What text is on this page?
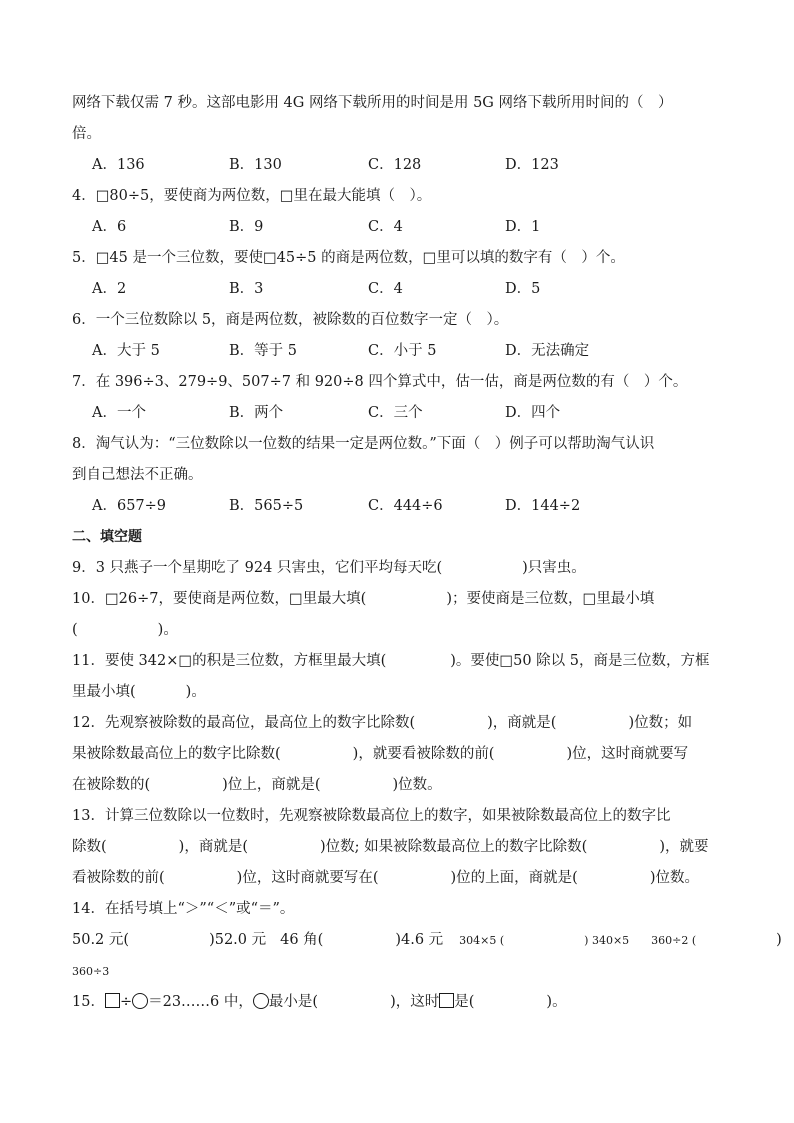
网络下载仅需 7 秒。这部电影用 4G 网络下载所用的时间是用 5G 网络下载所用时间的（　）
倍。
A．136	B．130	C．128	D．123
4．□80÷5，要使商为两位数，□里在最大能填（　）。
A．6	B．9	C．4	D．1
5．□45 是一个三位数，要使□45÷5 的商是两位数，□里可以填的数字有（　）个。
A．2	B．3	C．4	D．5
6．一个三位数除以 5，商是两位数，被除数的百位数字一定（　）。
A．大于 5	B．等于 5	C．小于 5	D．无法确定
7．在 396÷3、279÷9、507÷7 和 920÷8 四个算式中，估一估，商是两位数的有（　）个。
A．一个	B．两个	C．三个	D．四个
8．淘气认为：“三位数除以一位数的结果一定是两位数。”下面（　）例子可以帮助淘气认识
到自己想法不正确。
A．657÷9	B．565÷5	C．444÷6	D．144÷2
二、填空题
9．3 只燕子一个星期吃了 924 只害虫，它们平均每天吃(	)只害虫。
10．□26÷7，要使商是两位数，□里最大填(	)；要使商是三位数，□里最小填
(	)。
11．要使 342×□的积是三位数，方框里最大填(	)。要使□50 除以 5，商是三位数，方框
里最小填(	)。
12．先观察被除数的最高位，最高位上的数字比除数(	)，商就是(	)位数；如
果被除数最高位上的数字比除数(	)，就要看被除数的前(	)位，这时商就要写
在被除数的(	)位上，商就是(	)位数。
13．计算三位数除以一位数时，先观察被除数最高位上的数字，如果被除数最高位上的数字比
除数(	)，商就是(	)位数; 如果被除数最高位上的数字比除数(	)，就要
看被除数的前(	)位，这时商就要写在(	)位的上面，商就是(	)位数。
14．在括号填上“＞”“＜”或“＝”。
50.2 元(	)52.0 元 46 角(	)4.6 元 304×5 (	) 340×5 360÷2 (	)
360÷3
15． ÷ ＝23……6 中， 最小是(	)，这时 是(	)。
